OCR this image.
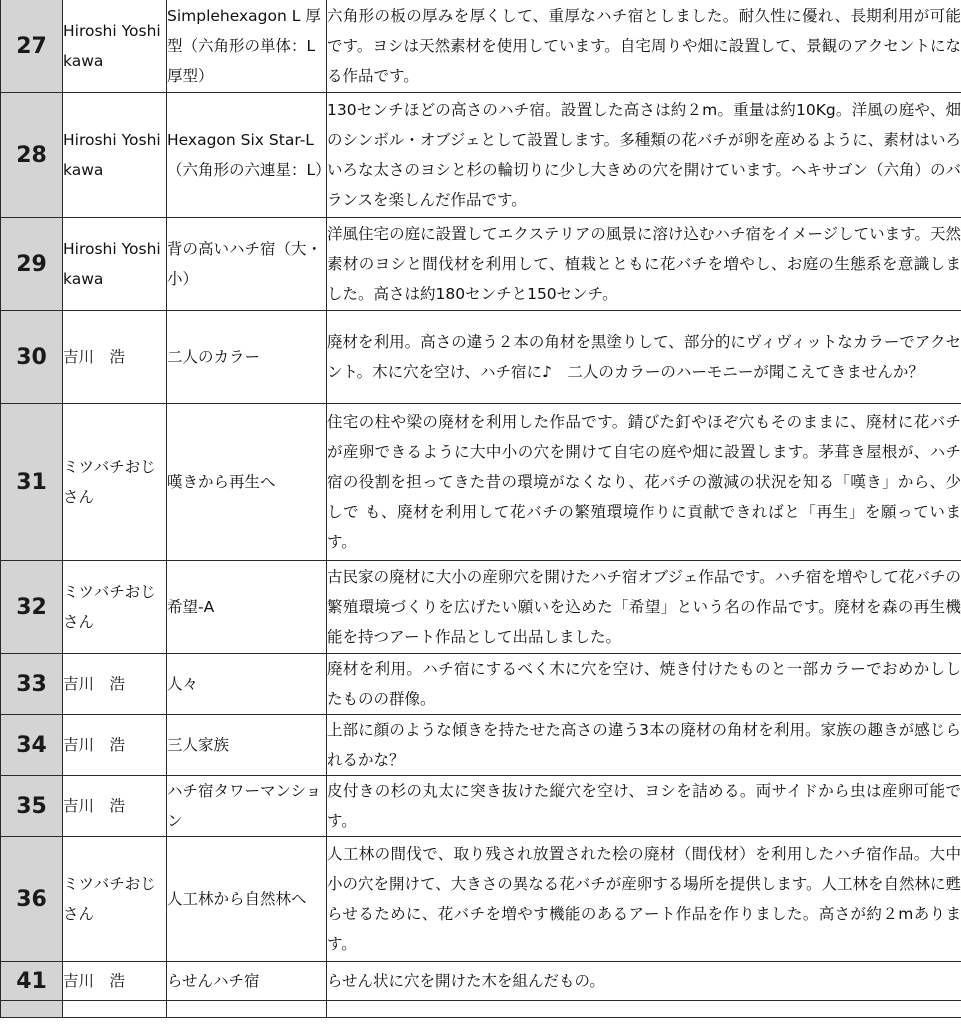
27	Hiroshi Yoshikawa	Simplehexagon L 厚型（六角形の単体：L厚型）	六角形の板の厚みを厚くして、重厚なハチ宿としました。耐久性に優れ、長期利用が可能です。ヨシは天然素材を使用しています。自宅周りや畑に設置して、景観のアクセントになる作品です。

28	Hiroshi Yoshikawa	Hexagon Six Star-L（六角形の六連星：L）	130センチほどの高さのハチ宿。設置した高さは約２m。重量は約10Kg。洋風の庭や、畑のシンボル・オブジェとして設置します。多種類の花バチが卵を産めるように、素材はいろいろな太さのヨシと杉の輪切りに少し大きめの穴を開けています。ヘキサゴン（六角）のバランスを楽しんだ作品です。

29	Hiroshi Yoshikawa	背の高いハチ宿（大・小）	洋風住宅の庭に設置してエクステリアの風景に溶け込むハチ宿をイメージしています。天然素材のヨシと間伐材を利用して、植栽とともに花バチを増やし、お庭の生態系を意識しました。高さは約180センチと150センチ。

30	吉川　浩	二人のカラー	廃材を利用。高さの違う２本の角材を黒塗りして、部分的にヴィヴィットなカラーでアクセント。木に穴を空け、ハチ宿に♪　二人のカラーのハーモニーが聞こえてきませんか？

31	ミツバチおじさん	嘆きから再生へ	住宅の柱や梁の廃材を利用した作品です。錆びた釘やほぞ穴もそのままに、廃材に花バチが産卵できるように大中小の穴を開けて自宅の庭や畑に設置します。茅葺き屋根が、ハチ宿の役割を担ってきた昔の環境がなくなり、花バチの激減の状況を知る「嘆き」から、少しで も、廃材を利用して花バチの繁殖環境作りに貢献できればと「再生」を願っています。

32	ミツバチおじさん	希望-A	古民家の廃材に大小の産卵穴を開けたハチ宿オブジェ作品です。ハチ宿を増やして花バチの繁殖環境づくりを広げたい願いを込めた「希望」という名の作品です。廃材を森の再生機能を持つアート作品として出品しました。

33	吉川　浩	人々	廃材を利用。ハチ宿にするべく木に穴を空け、焼き付けたものと一部カラーでおめかししたものの群像。

34	吉川　浩	三人家族	上部に顔のような傾きを持たせた高さの違う3本の廃材の角材を利用。家族の趣きが感じられるかな？

35	吉川　浩	ハチ宿タワーマンション	皮付きの杉の丸太に突き抜けた縦穴を空け、ヨシを詰める。両サイドから虫は産卵可能です。

36	ミツバチおじさん	人工林から自然林へ	人工林の間伐で、取り残され放置された桧の廃材（間伐材）を利用したハチ宿作品。大中小の穴を開けて、大きさの異なる花バチが産卵する場所を提供します。人工林を自然林に甦らせるために、花バチを増やす機能のあるアート作品を作りました。高さが約２mあります。

41	吉川　浩	らせんハチ宿	らせん状に穴を開けた木を組んだもの。
